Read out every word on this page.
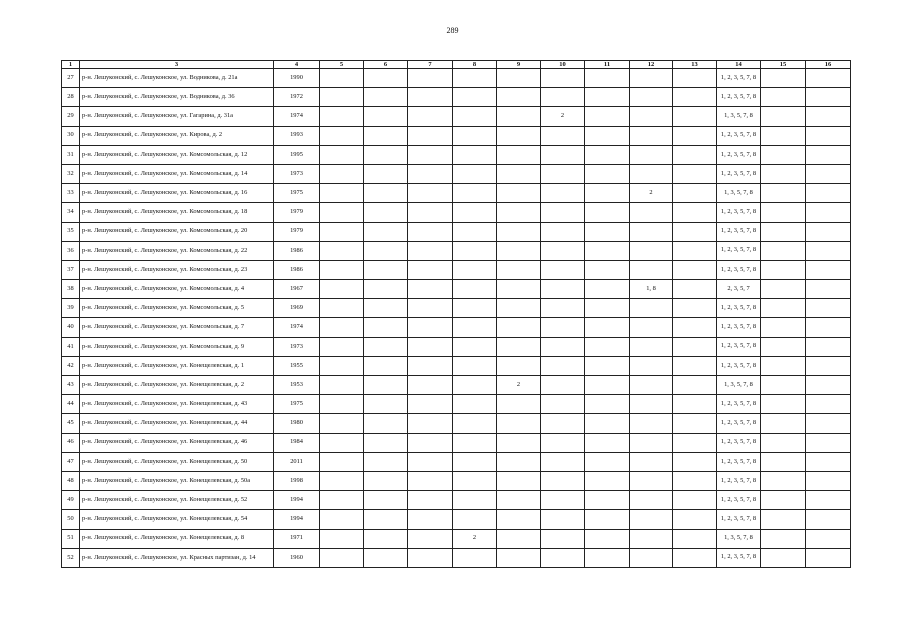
289
1	3	4	5	6	7	8	9	10	11	12	13	14	15	16
27	р-н. Лешуконский, с. Лешуконское, ул. Водникова, д. 21а	1990										1, 2, 3, 5, 7, 8		
28	р-н. Лешуконский, с. Лешуконское, ул. Водникова, д. 36	1972										1, 2, 3, 5, 7, 8		
29	р-н. Лешуконский, с. Лешуконское, ул. Гагарина, д. 31а	1974						2				1, 3, 5, 7, 8		
30	р-н. Лешуконский, с. Лешуконское, ул. Кирова, д. 2	1993										1, 2, 3, 5, 7, 8		
31	р-н. Лешуконский, с. Лешуконское, ул. Комсомольская, д. 12	1995										1, 2, 3, 5, 7, 8		
32	р-н. Лешуконский, с. Лешуконское, ул. Комсомольская, д. 14	1973										1, 2, 3, 5, 7, 8		
33	р-н. Лешуконский, с. Лешуконское, ул. Комсомольская, д. 16	1975								2		1, 3, 5, 7, 8		
34	р-н. Лешуконский, с. Лешуконское, ул. Комсомольская, д. 18	1979										1, 2, 3, 5, 7, 8		
35	р-н. Лешуконский, с. Лешуконское, ул. Комсомольская, д. 20	1979										1, 2, 3, 5, 7, 8		
36	р-н. Лешуконский, с. Лешуконское, ул. Комсомольская, д. 22	1986										1, 2, 3, 5, 7, 8		
37	р-н. Лешуконский, с. Лешуконское, ул. Комсомольская, д. 23	1986										1, 2, 3, 5, 7, 8		
38	р-н. Лешуконский, с. Лешуконское, ул. Комсомольская, д. 4	1967								1, 8		2, 3, 5, 7		
39	р-н. Лешуконский, с. Лешуконское, ул. Комсомольская, д. 5	1969										1, 2, 3, 5, 7, 8		
40	р-н. Лешуконский, с. Лешуконское, ул. Комсомольская, д. 7	1974										1, 2, 3, 5, 7, 8		
41	р-н. Лешуконский, с. Лешуконское, ул. Комсомольская, д. 9	1973										1, 2, 3, 5, 7, 8		
42	р-н. Лешуконский, с. Лешуконское, ул. Конещелевская, д. 1	1955										1, 2, 3, 5, 7, 8		
43	р-н. Лешуконский, с. Лешуконское, ул. Конещелевская, д. 2	1953					2					1, 3, 5, 7, 8		
44	р-н. Лешуконский, с. Лешуконское, ул. Конещелевская, д. 43	1975										1, 2, 3, 5, 7, 8		
45	р-н. Лешуконский, с. Лешуконское, ул. Конещелевская, д. 44	1980										1, 2, 3, 5, 7, 8		
46	р-н. Лешуконский, с. Лешуконское, ул. Конещелевская, д. 46	1984										1, 2, 3, 5, 7, 8		
47	р-н. Лешуконский, с. Лешуконское, ул. Конещелевская, д. 50	2011										1, 2, 3, 5, 7, 8		
48	р-н. Лешуконский, с. Лешуконское, ул. Конещелевская, д. 50а	1998										1, 2, 3, 5, 7, 8		
49	р-н. Лешуконский, с. Лешуконское, ул. Конещелевская, д. 52	1994										1, 2, 3, 5, 7, 8		
50	р-н. Лешуконский, с. Лешуконское, ул. Конещелевская, д. 54	1994										1, 2, 3, 5, 7, 8		
51	р-н. Лешуконский, с. Лешуконское, ул. Конещелевская, д. 8	1971				2						1, 3, 5, 7, 8		
52	р-н. Лешуконский, с. Лешуконское, ул. Красных партизан, д. 14	1960										1, 2, 3, 5, 7, 8		
